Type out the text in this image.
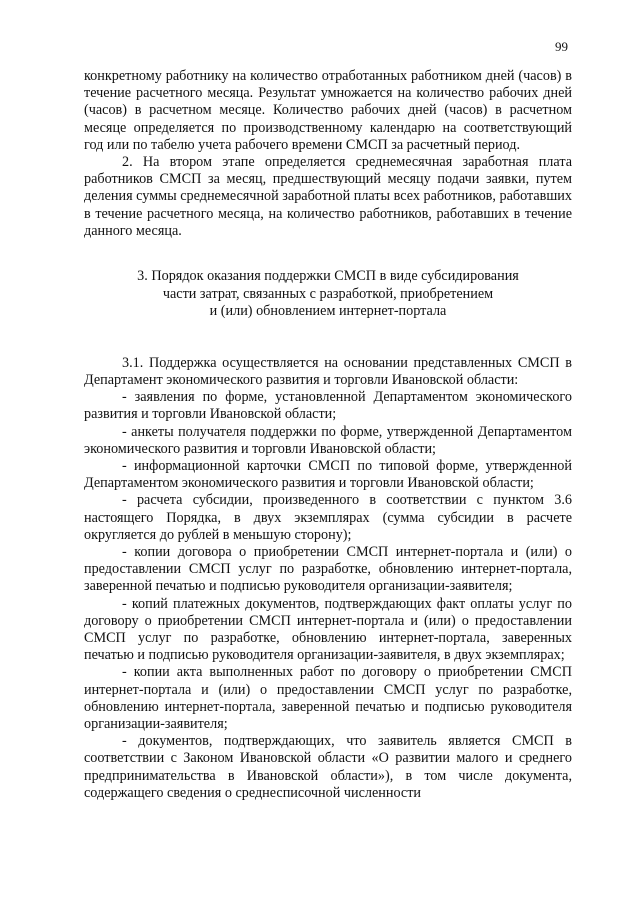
99

конкретному работнику на количество отработанных работником дней (часов) в течение расчетного месяца. Результат умножается на количество рабочих дней (часов) в расчетном месяце. Количество рабочих дней (часов) в расчетном месяце определяется по производственному календарю на соответствующий год или по табелю учета рабочего времени СМСП за расчетный период.

2. На втором этапе определяется среднемесячная заработная плата работников СМСП за месяц, предшествующий месяцу подачи заявки, путем деления суммы среднемесячной заработной платы всех работников, работавших в течение расчетного месяца, на количество работников, работавших в течение данного месяца.

3. Порядок оказания поддержки СМСП в виде субсидирования
части затрат, связанных с разработкой, приобретением
и (или) обновлением интернет-портала

3.1. Поддержка осуществляется на основании представленных СМСП в Департамент экономического развития и торговли Ивановской области:

- заявления по форме, установленной Департаментом экономического развития и торговли Ивановской области;

- анкеты получателя поддержки по форме, утвержденной Департаментом экономического развития и торговли Ивановской области;

- информационной карточки СМСП по типовой форме, утвержденной Департаментом экономического развития и торговли Ивановской области;

- расчета субсидии, произведенного в соответствии с пунктом 3.6 настоящего Порядка, в двух экземплярах (сумма субсидии в расчете округляется до рублей в меньшую сторону);

- копии договора о приобретении СМСП интернет-портала и (или) о предоставлении СМСП услуг по разработке, обновлению интернет-портала, заверенной печатью и подписью руководителя организации-заявителя;

- копий платежных документов, подтверждающих факт оплаты услуг по договору о приобретении СМСП интернет-портала и (или) о предоставлении СМСП услуг по разработке, обновлению интернет-портала, заверенных печатью и подписью руководителя организации-заявителя, в двух экземплярах;

- копии акта выполненных работ по договору о приобретении СМСП интернет-портала и (или) о предоставлении СМСП услуг по разработке, обновлению интернет-портала, заверенной печатью и подписью руководителя организации-заявителя;

- документов, подтверждающих, что заявитель является СМСП в соответствии с Законом Ивановской области «О развитии малого и среднего предпринимательства в Ивановской области»), в том числе документа, содержащего сведения о среднесписочной численности
